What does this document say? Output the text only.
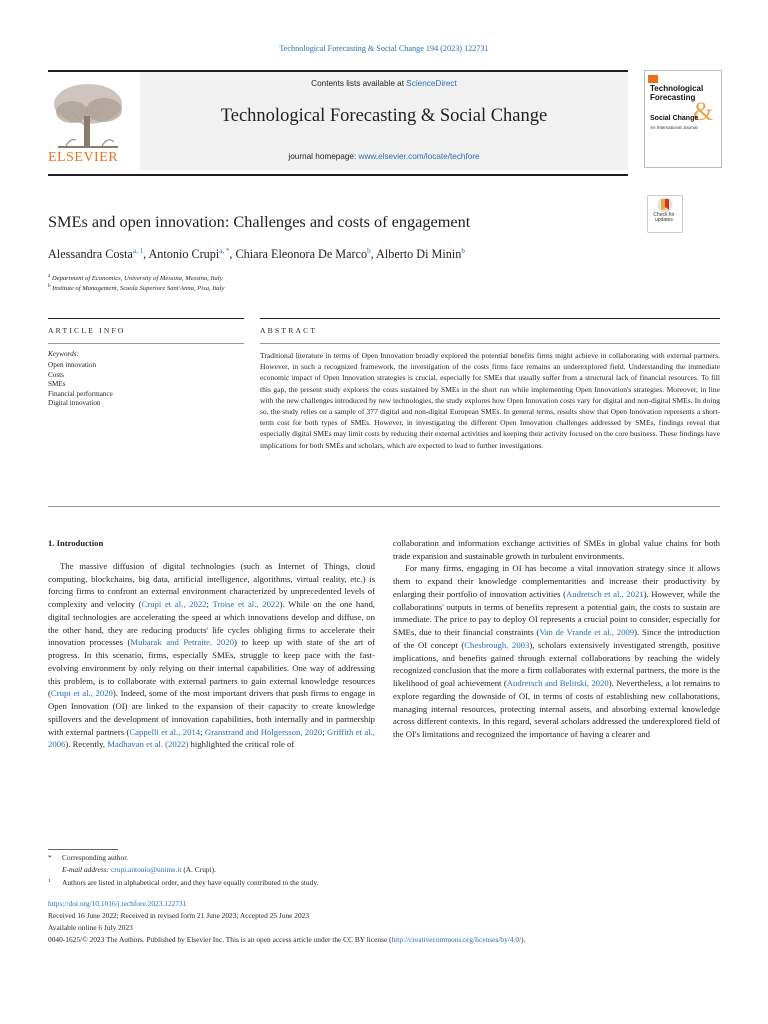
Technological Forecasting & Social Change 194 (2023) 122731
ELSEVIER
Contents lists available at ScienceDirect
Technological Forecasting & Social Change
journal homepage: www.elsevier.com/locate/techfore
&
Technological
Forecasting
Social Change
An International Journal
SMEs and open innovation: Challenges and costs of engagement	Check for
updates
Alessandra Costa$^{a, 1}$, Antonio Crupi$^{a, *}$, Chiara Eleonora De Marco$^b$, Alberto Di Minin$^b$
$^a$ Department of Economics, University of Messina, Messina, Italy
$^b$ Institute of Management, Scuola Superiore Sant'Anna, Pisa, Italy
ARTICLE INFO	ABSTRACT
Keywords:
Open innovation
Costs
SMEs
Financial performance
Digital innovation
Traditional literature in terms of Open Innovation broadly explored the potential benefits firms might achieve in collaborating with external partners. However, in such a recognized framework, the investigation of the costs firms face remains an underexplored field. Understanding the immediate economic impact of Open Innovation strategies is crucial, especially for SMEs that usually suffer from a structural lack of financial resources. To fill this gap, the present study explores the costs sustained by SMEs in the short run while implementing Open Innovation's strategies. Moreover, in line with the new challenges introduced by new technologies, the study explores how Open Innovation costs vary for digital and non-digital SMEs. In doing so, the study relies on a sample of 377 digital and non-digital European SMEs. In general terms, results show that Open Innovation represents a short-term cost for both types of SMEs. However, in investigating the different Open Innovation challenges addressed by SMEs, findings reveal that especially digital SMEs may limit costs by reducing their external activities and keeping their activity focused on the core business. These findings have implications for both SMEs and scholars, which are expected to lead to further investigations.
1. Introduction

The massive diffusion of digital technologies (such as Internet of Things, cloud computing, blockchains, big data, artificial intelligence, algorithms, virtual reality, etc.) is forcing firms to confront an external environment characterized by unprecedented levels of complexity and velocity (Crupi et al., 2022; Troise et al., 2022). While on the one hand, digital technologies are accelerating the speed at which innovations develop and diffuse, on the other hand, they are reducing products' life cycles obliging firms to accelerate their innovation processes (Mubarak and Petraite, 2020) to keep up with state of the art of progress. In this scenario, firms, especially SMEs, struggle to keep pace with the fast-evolving environment by only relying on their internal capabilities. One way of addressing this problem, is to collaborate with external partners to gain external knowledge resources (Crupi et al., 2020). Indeed, some of the most important drivers that push firms to engage in Open Innovation (OI) are linked to the expansion of their capacity to create knowledge spillovers and the development of innovation capabilities, both internally and in partnership with external partners (Cappelli et al., 2014; Granstrand and Holgersson, 2020; Griffith et al., 2006). Recently, Madhavan et al. (2022) highlighted the critical role of

collaboration and information exchange activities of SMEs in global value chains for both trade expansion and sustainable growth in turbulent environments.

For many firms, engaging in OI has become a vital innovation strategy since it allows them to expand their knowledge complementarities and increase their productivity by enlarging their portfolio of innovation activities (Audretsch et al., 2021). However, while the collaborations' outputs in terms of benefits represent a potential gain, the costs to sustain are immediate. The price to pay to deploy OI represents a crucial point to consider, especially for SMEs, due to their financial constraints (Van de Vrande et al., 2009). Since the introduction of the OI concept (Chesbrough, 2003), scholars extensively investigated strength, positive implications, and benefits gained through external collaborations by reaching the widely recognized conclusion that the more a firm collaborates with external partners, the more is the likelihood of goal achievement (Audretsch and Belitski, 2020). Nevertheless, a lot remains to explore regarding the downside of OI, in terms of costs of establishing new collaborations, managing internal resources, protecting internal assets, and absorbing external knowledge across different contexts. In this regard, several scholars addressed the underexplored field of the OI's limitations and recognized the importance of having a clearer and

* Corresponding author.
E-mail address: crupi.antonio@unime.it (A. Crupi).
1 Authors are listed in alphabetical order, and they have equally contributed to the study.
https://doi.org/10.1016/j.techfore.2023.122731
Received 16 June 2022; Received in revised form 21 June 2023; Accepted 25 June 2023
Available online 6 July 2023
0040-1625/© 2023 The Authors. Published by Elsevier Inc. This is an open access article under the CC BY license (http://creativecommons.org/licenses/by/4.0/).
